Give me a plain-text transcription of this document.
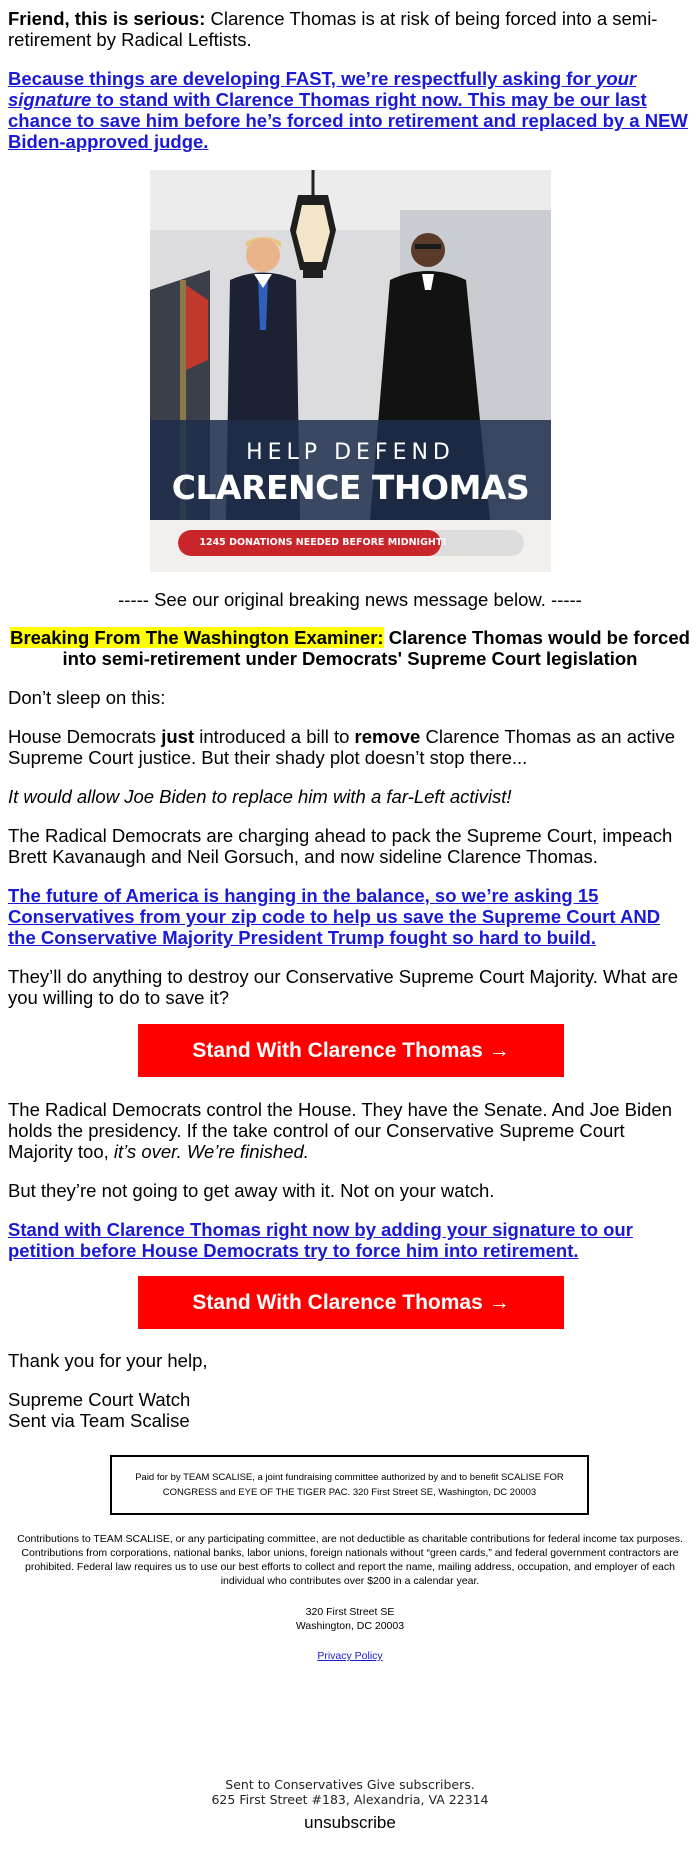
Friend, this is serious: Clarence Thomas is at risk of being forced into a semi-retirement by Radical Leftists.

Because things are developing FAST, we’re respectfully asking for your signature to stand with Clarence Thomas right now. This may be our last chance to save him before he’s forced into retirement and replaced by a NEW Biden-approved judge.
HELP DEFEND
CLARENCE THOMAS
1245 DONATIONS NEEDED BEFORE MIDNIGHT!

----- See our original breaking news message below. -----

Breaking From The Washington Examiner: Clarence Thomas would be forced into semi-retirement under Democrats' Supreme Court legislation

Don’t sleep on this:

House Democrats just introduced a bill to remove Clarence Thomas as an active Supreme Court justice. But their shady plot doesn’t stop there...

It would allow Joe Biden to replace him with a far-Left activist!

The Radical Democrats are charging ahead to pack the Supreme Court, impeach Brett Kavanaugh and Neil Gorsuch, and now sideline Clarence Thomas.

The future of America is hanging in the balance, so we’re asking 15 Conservatives from your zip code to help us save the Supreme Court AND the Conservative Majority President Trump fought so hard to build.

They’ll do anything to destroy our Conservative Supreme Court Majority. What are you willing to do to save it?

Stand With Clarence Thomas →

The Radical Democrats control the House. They have the Senate. And Joe Biden holds the presidency. If the take control of our Conservative Supreme Court Majority too, it’s over. We’re finished.

But they’re not going to get away with it. Not on your watch.

Stand with Clarence Thomas right now by adding your signature to our petition before House Democrats try to force him into retirement.
Stand With Clarence Thomas →

Thank you for your help,

Supreme Court Watch

Sent via Team Scalise

Paid for by TEAM SCALISE, a joint fundraising committee authorized by and to benefit SCALISE FOR CONGRESS and EYE OF THE TIGER PAC. 320 First Street SE, Washington, DC 20003

Contributions to TEAM SCALISE, or any participating committee, are not deductible as charitable contributions for federal income tax purposes. Contributions from corporations, national banks, labor unions, foreign nationals without “green cards,” and federal government contractors are prohibited. Federal law requires us to use our best efforts to collect and report the name, mailing address, occupation, and employer of each individual who contributes over $200 in a calendar year.

320 First Street SE

Washington, DC 20003

Privacy Policy

Sent to Conservatives Give subscribers.

625 First Street #183, Alexandria, VA 22314

unsubscribe
